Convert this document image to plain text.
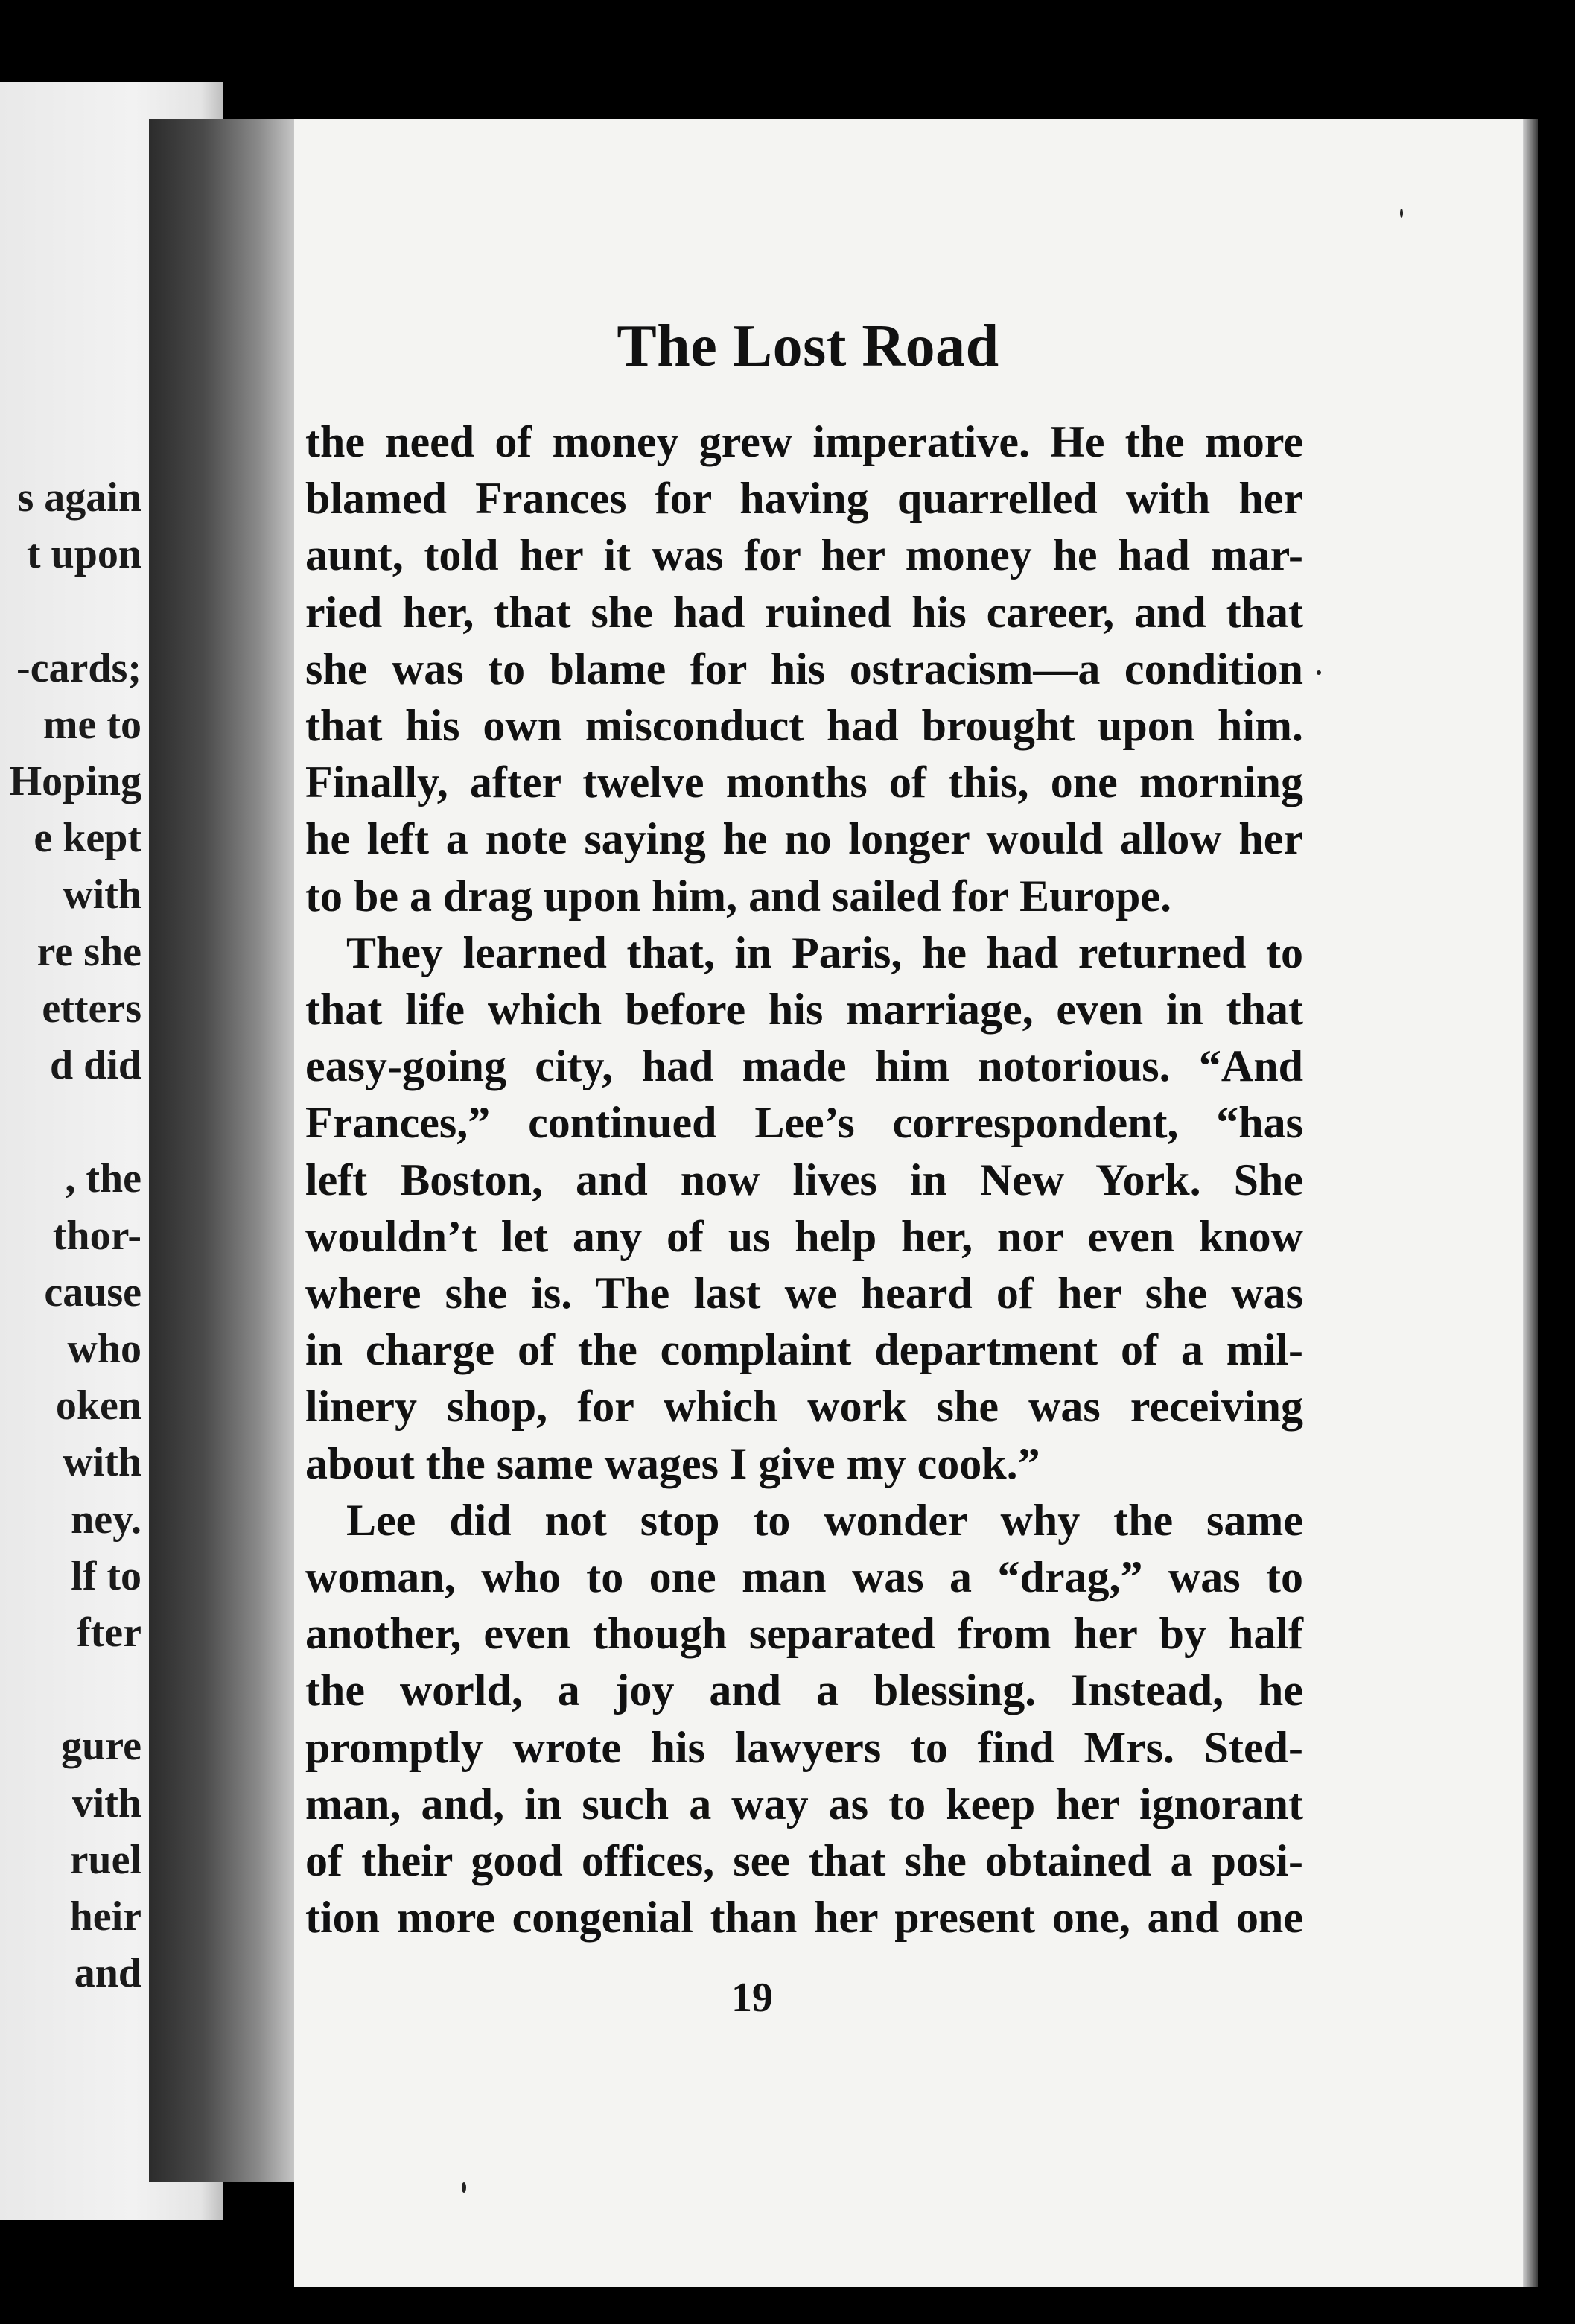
s again
t upon
-cards;
me to
Hoping
e kept
with
re she
etters
d did
, the
thor-
cause
who
oken
with
ney.
lf to
fter
gure
vith
ruel
heir
and
The Lost Road
the need of money grew imperative. He the more
blamed Frances for having quarrelled with her
aunt, told her it was for her money he had mar-
ried her, that she had ruined his career, and that
she was to blame for his ostracism—a condition
that his own misconduct had brought upon him.
Finally, after twelve months of this, one morning
he left a note saying he no longer would allow her
to be a drag upon him, and sailed for Europe.
They learned that, in Paris, he had returned to
that life which before his marriage, even in that
easy-going city, had made him notorious. “And
Frances,” continued Lee’s correspondent, “has
left Boston, and now lives in New York. She
wouldn’t let any of us help her, nor even know
where she is. The last we heard of her she was
in charge of the complaint department of a mil-
linery shop, for which work she was receiving
about the same wages I give my cook.”
Lee did not stop to wonder why the same
woman, who to one man was a “drag,” was to
another, even though separated from her by half
the world, a joy and a blessing. Instead, he
promptly wrote his lawyers to find Mrs. Sted-
man, and, in such a way as to keep her ignorant
of their good offices, see that she obtained a posi-
tion more congenial than her present one, and one
19
